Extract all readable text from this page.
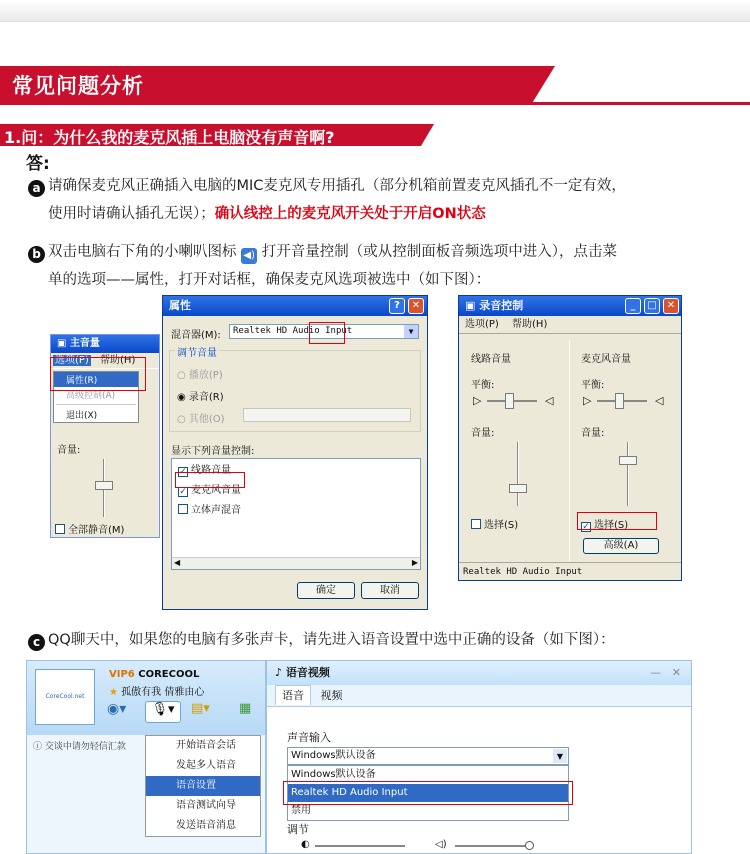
常见问题分析
1.问：为什么我的麦克风插上电脑没有声音啊?
答:
a 请确保麦克风正确插入电脑的MIC麦克风专用插孔（部分机箱前置麦克风插孔不一定有效，
使用时请确认插孔无误）；确认线控上的麦克风开关处于开启ON状态
b 双击电脑右下角的小喇叭图标 ◀) 打开音量控制（或从控制面板音频选项中进入），点击菜
单的选项——属性，打开对话框，确保麦克风选项被选中（如下图）：
▣ 主音量
选项(P) 帮助(H)
属性(R)
高级控制(A)
退出(X)
音量:
全部静音(M)
属性	?	✕
混音器(M):	Realtek HD Audio Input	▼
调节音量
○ 播放(P)
◉ 录音(R)
○ 其他(O)
显示下列音量控制:
✓ 线路音量
✓ 麦克风音量
立体声混音
◀	▶
确定	取消
▣ 录音控制	_	□	✕
选项(P) 帮助(H)
线路音量	麦克风音量
平衡:	平衡:
▷	◁	▷	◁
音量:	音量:
选择(S)	✓ 选择(S)
高级(A)
Realtek HD Audio Input
c QQ聊天中，如果您的电脑有多张声卡，请先进入语音设置中选中正确的设备（如下图）：
CoreCool.net
VIP6 CORECOOL
★ 孤傲有我 倩雅由心
◉▾	🎙▾	▤▾ ▦
ⓘ 交谈中请勿轻信汇款	开始语音会话
发起多人语音
语音设置
语音测试向导
发送语音消息
♪ 语音视频	— ✕
语音 视频
声音输入
Windows默认设备	▼
Windows默认设备
Realtek HD Audio Input
禁用
调节
◐	◁)
